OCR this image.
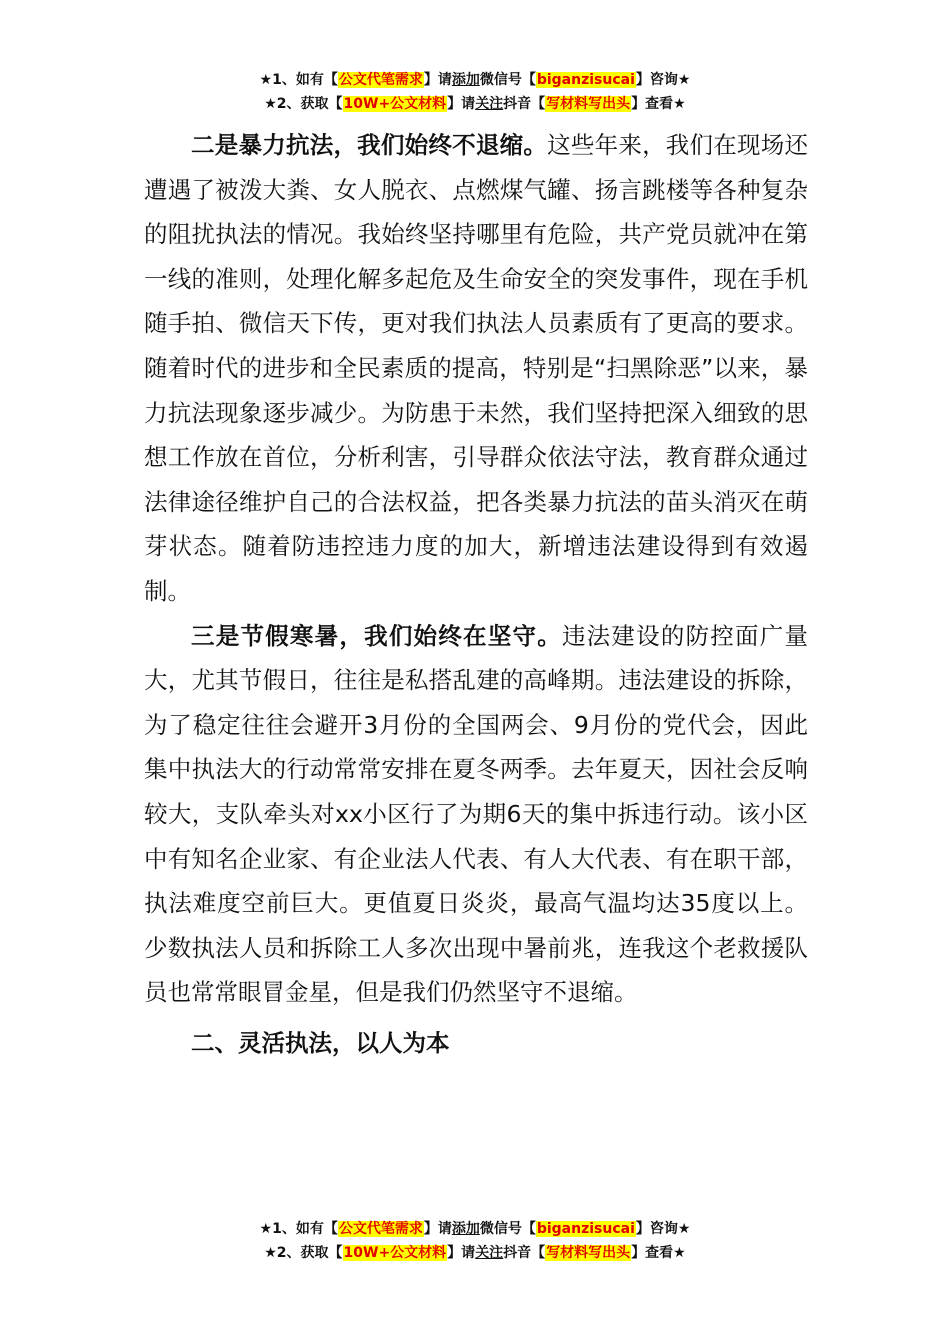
★1、如有【公文代笔需求】请添加微信号【biganzisucai】咨询★
★2、获取【10W+公文材料】请关注抖音【写材料写出头】查看★

二是暴力抗法，我们始终不退缩。这些年来，我们在现场还遭遇了被泼大粪、女人脱衣、点燃煤气罐、扬言跳楼等各种复杂的阻扰执法的情况。我始终坚持哪里有危险，共产党员就冲在第一线的准则，处理化解多起危及生命安全的突发事件，现在手机随手拍、微信天下传，更对我们执法人员素质有了更高的要求。随着时代的进步和全民素质的提高，特别是“扫黑除恶”以来，暴力抗法现象逐步减少。为防患于未然，我们坚持把深入细致的思想工作放在首位，分析利害，引导群众依法守法，教育群众通过法律途径维护自己的合法权益，把各类暴力抗法的苗头消灭在萌芽状态。随着防违控违力度的加大，新增违法建设得到有效遏制。

三是节假寒暑，我们始终在坚守。违法建设的防控面广量大，尤其节假日，往往是私搭乱建的高峰期。违法建设的拆除，为了稳定往往会避开3月份的全国两会、9月份的党代会，因此集中执法大的行动常常安排在夏冬两季。去年夏天，因社会反响较大，支队牵头对xx小区行了为期6天的集中拆违行动。该小区中有知名企业家、有企业法人代表、有人大代表、有在职干部，执法难度空前巨大。更值夏日炎炎，最高气温均达35度以上。少数执法人员和拆除工人多次出现中暑前兆，连我这个老救援队员也常常眼冒金星，但是我们仍然坚守不退缩。

二、灵活执法，以人为本

★1、如有【公文代笔需求】请添加微信号【biganzisucai】咨询★
★2、获取【10W+公文材料】请关注抖音【写材料写出头】查看★
